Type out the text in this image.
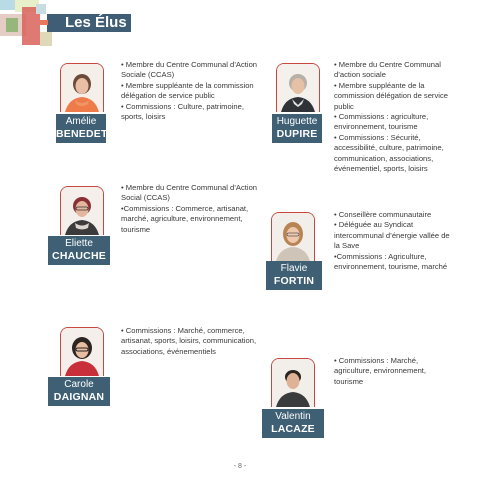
Les Élus
Amélie
BENEDET
• Membre du Centre Communal d’Action Sociale (CCAS)
• Membre suppléante de la commission délégation de service public
• Commissions : Culture, patrimoine, sports, loisirs	Huguette
DUPIRE
• Membre du Centre Communal d’action sociale
• Membre suppléante de la commission délégation de service public
• Commissions : agriculture, environnement, tourisme
• Commissions : Sécurité, accessibilité, culture, patrimoine, communication, associations, événementiel, sports, loisirs
Eliette
CHAUCHE
• Membre du Centre Communal d’Action Social (CCAS)
•Commissions : Commerce, artisanat, marché, agriculture, environnement, tourisme
Flavie
FORTIN
• Conseillère communautaire
• Déléguée au Syndicat intercommunal d’énergie vallée de la Save
•Commissions : Agriculture, environnement, tourisme, marché
Carole
DAIGNAN
• Commissions : Marché, commerce, artisanat, sports, loisirs, communication, associations, événementiels
Valentin
LACAZE
• Commissions : Marché, agriculture, environnement, tourisme
- 8 -
